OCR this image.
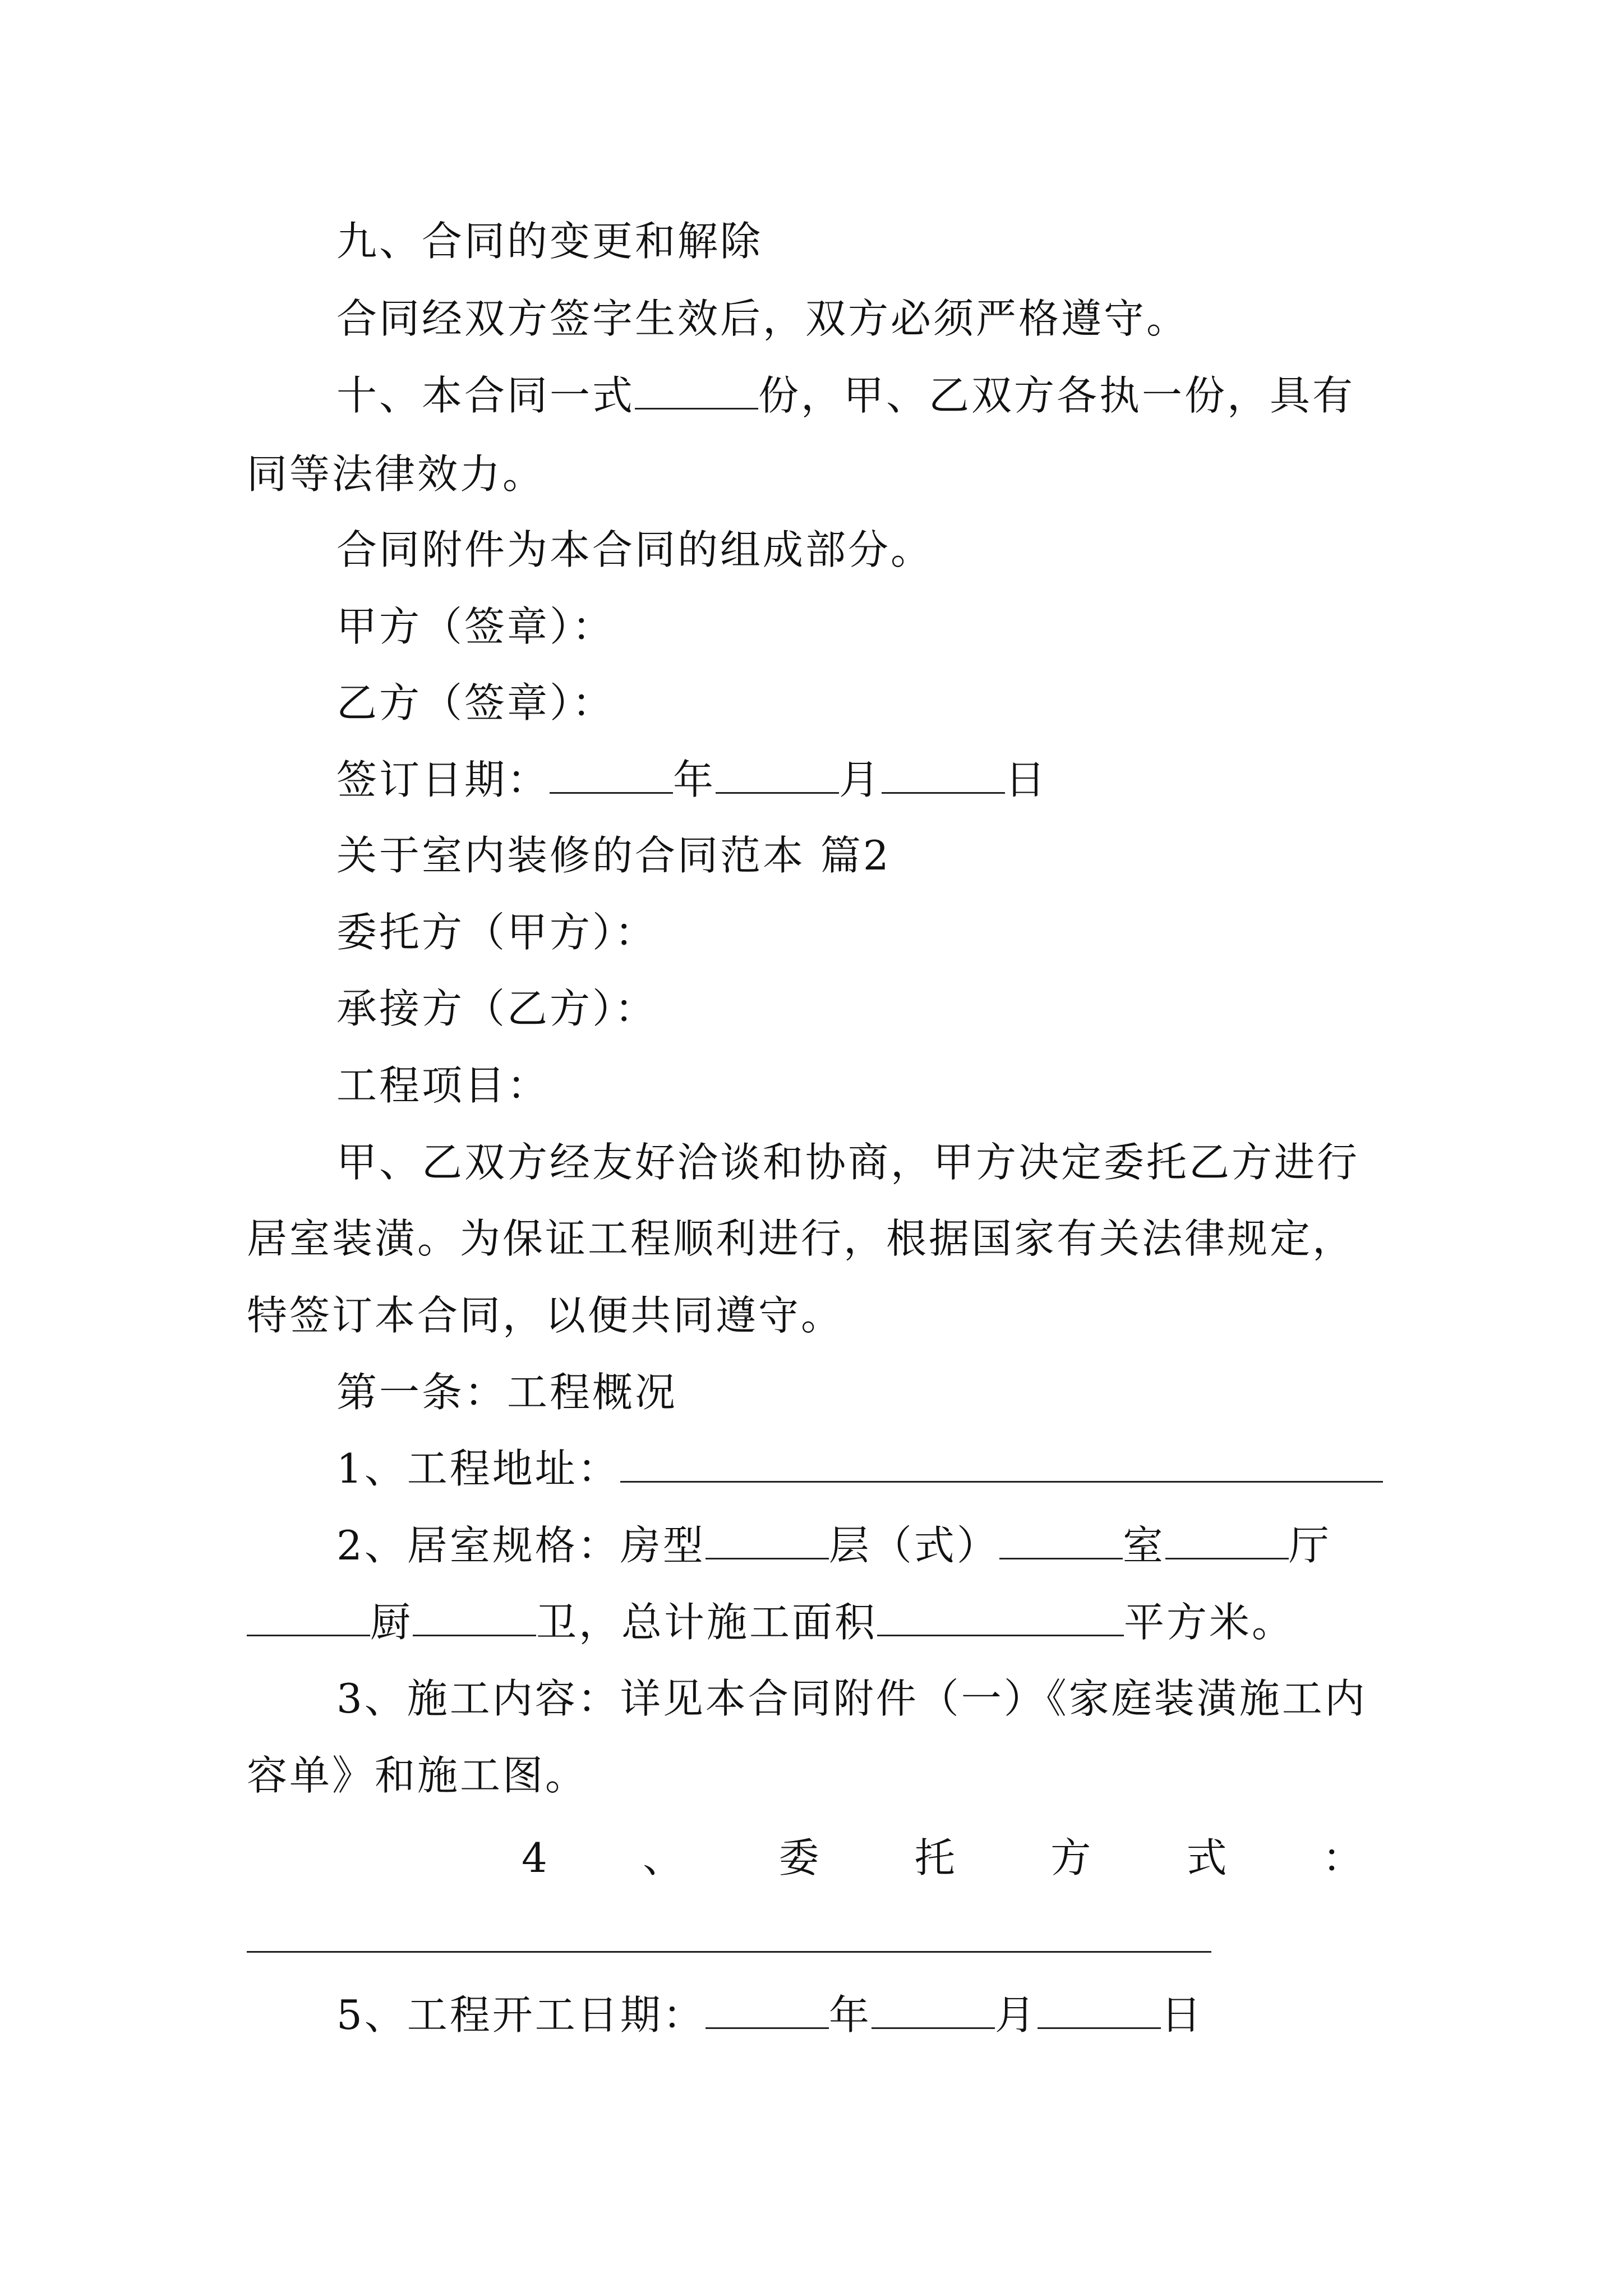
九、合同的变更和解除
合同经双方签字生效后，双方必须严格遵守。
十、本合同一式	份，甲、乙双方各执一份，具有
同等法律效力。
合同附件为本合同的组成部分。
甲方（签章）：
乙方（签章）：
签订日期：	年	月	日
关于室内装修的合同范本 篇2
委托方（甲方）：
承接方（乙方）：
工程项目：
甲、乙双方经友好洽谈和协商，甲方决定委托乙方进行
居室装潢。为保证工程顺利进行，根据国家有关法律规定，
特签订本合同，以便共同遵守。
第一条：工程概况
1、工程地址：
2、居室规格：房型	层（式）	室	厅
厨	卫，总计施工面积	平方米。
3、施工内容：详见本合同附件（一）《家庭装潢施工内
容单》和施工图。
4 、 委 托 方 式 ：
5、工程开工日期：	年	月	日
